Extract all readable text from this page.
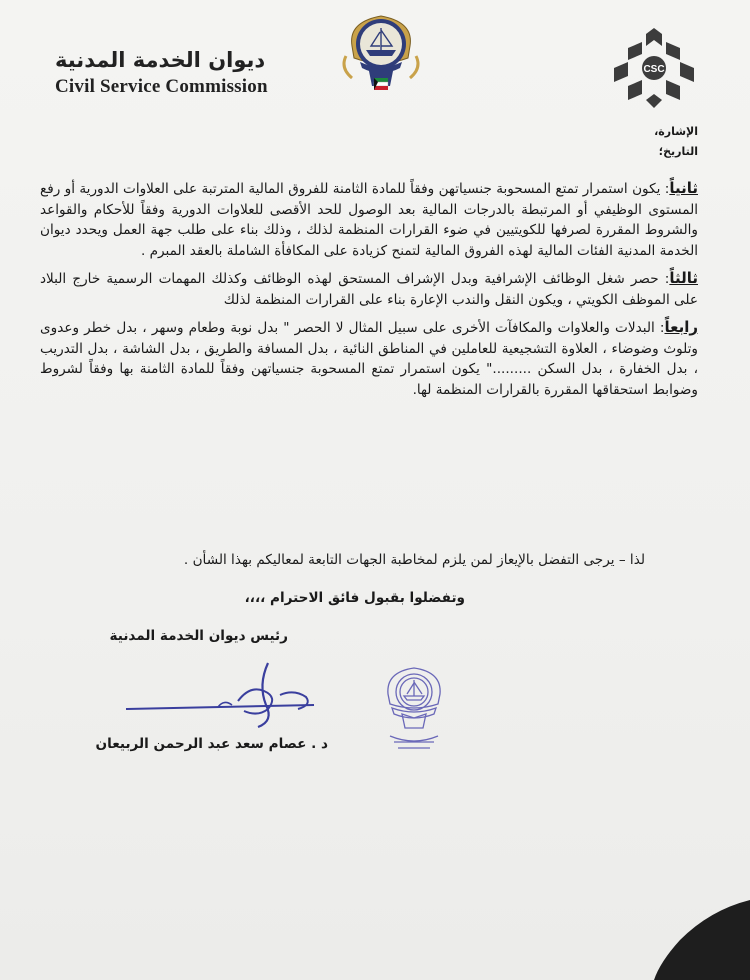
ديوان الخدمة المدنية
Civil Service Commission
CSC
الإشارة،
التاريخ؛

ثانياً: يكون استمرار تمتع المسحوبة جنسياتهن وفقاً للمادة الثامنة للفروق المالية المترتبة على العلاوات الدورية أو رفع المستوى الوظيفي أو المرتبطة بالدرجات المالية بعد الوصول للحد الأقصى للعلاوات الدورية وفقاً للأحكام والقواعد والشروط المقررة لصرفها للكويتيين في ضوء القرارات المنظمة لذلك ، وذلك بناء على طلب جهة العمل ويحدد ديوان الخدمة المدنية الفئات المالية لهذه الفروق المالية لتمنح كزيادة على المكافأة الشاملة بالعقد المبرم .

ثالثاً: حصر شغل الوظائف الإشرافية وبدل الإشراف المستحق لهذه الوظائف وكذلك المهمات الرسمية خارج البلاد على الموظف الكويتي ، ويكون النقل والندب الإعارة بناء على القرارات المنظمة لذلك

رابعاً: البدلات والعلاوات والمكافآت الأخرى على سبيل المثال لا الحصر " بدل نوبة وطعام وسهر ، بدل خطر وعدوى وتلوث وضوضاء ، العلاوة التشجيعية للعاملين في المناطق النائية ، بدل المسافة والطريق ، بدل الشاشة ، بدل التدريب ، بدل الخفارة ، بدل السكن ........." يكون استمرار تمتع المسحوبة جنسياتهن وفقاً للمادة الثامنة بها وفقاً لشروط وضوابط استحقاقها المقررة بالقرارات المنظمة لها.

لذا – يرجى التفضل بالإيعاز لمن يلزم لمخاطبة الجهات التابعة لمعاليكم بهذا الشأن .
وتفضلوا بقبول فائق الاحترام ،،،،
رئيس ديوان الخدمة المدنية
د . عصام سعد عبد الرحمن الربيعان
